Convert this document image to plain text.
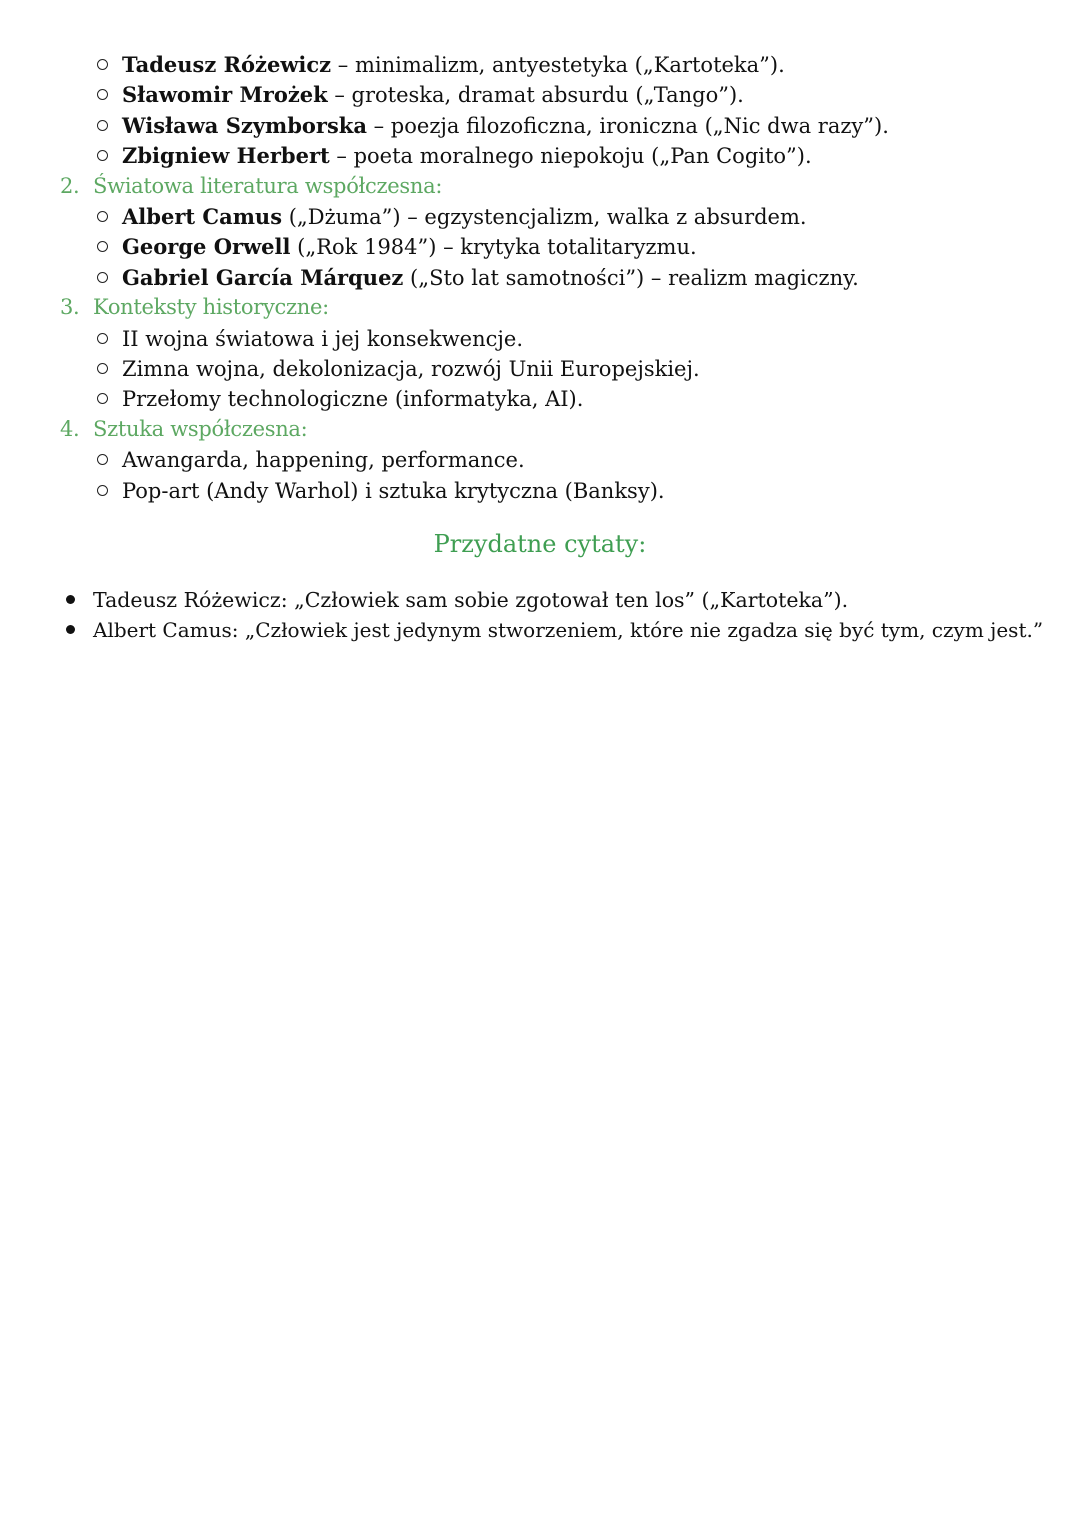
Tadeusz Różewicz – minimalizm, antyestetyka („Kartoteka”).
Sławomir Mrożek – groteska, dramat absurdu („Tango”).
Wisława Szymborska – poezja filozoficzna, ironiczna („Nic dwa razy”).
Zbigniew Herbert – poeta moralnego niepokoju („Pan Cogito”).
2. Światowa literatura współczesna:
Albert Camus („Dżuma”) – egzystencjalizm, walka z absurdem.
George Orwell („Rok 1984”) – krytyka totalitaryzmu.
Gabriel García Márquez („Sto lat samotności”) – realizm magiczny.
3. Konteksty historyczne:
II wojna światowa i jej konsekwencje.
Zimna wojna, dekolonizacja, rozwój Unii Europejskiej.
Przełomy technologiczne (informatyka, AI).
4. Sztuka współczesna:
Awangarda, happening, performance.
Pop-art (Andy Warhol) i sztuka krytyczna (Banksy).
Przydatne cytaty:
Tadeusz Różewicz: „Człowiek sam sobie zgotował ten los” („Kartoteka”).
Albert Camus: „Człowiek jest jedynym stworzeniem, które nie zgadza się być tym, czym jest.”
